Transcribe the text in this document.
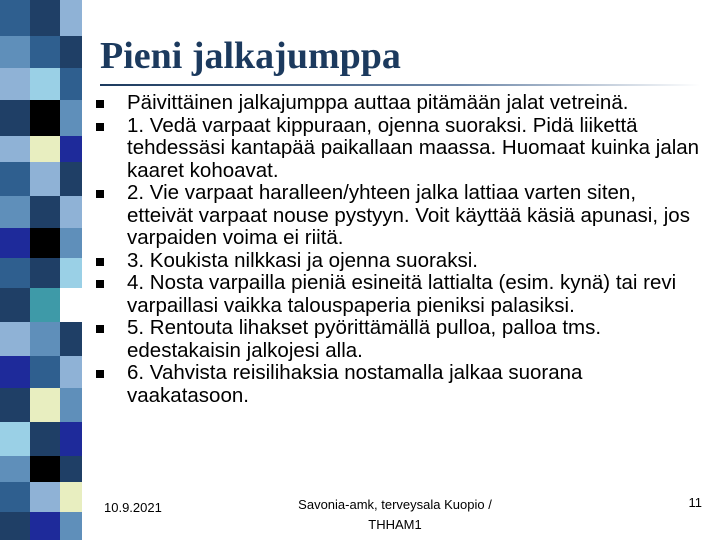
Pieni jalkajumppa
Päivittäinen jalkajumppa auttaa pitämään jalat vetreinä.
1. Vedä varpaat kippuraan, ojenna suoraksi. Pidä liikettä tehdessäsi kantapää paikallaan maassa. Huomaat kuinka jalan kaaret kohoavat.
2. Vie varpaat haralleen/yhteen jalka lattiaa varten siten, etteivät varpaat nouse pystyyn. Voit käyttää käsiä apunasi, jos varpaiden voima ei riitä.
3. Koukista nilkkasi ja ojenna suoraksi.
4. Nosta varpailla pieniä esineitä lattialta (esim. kynä) tai revi varpaillasi vaikka talouspaperia pieniksi palasiksi.
5. Rentouta lihakset pyörittämällä pulloa, palloa tms. edestakaisin jalkojesi alla.
6. Vahvista reisilihaksia nostamalla jalkaa suorana vaakatasoon.
10.9.2021	Savonia-amk, terveysala Kuopio /
THHAM1
11
